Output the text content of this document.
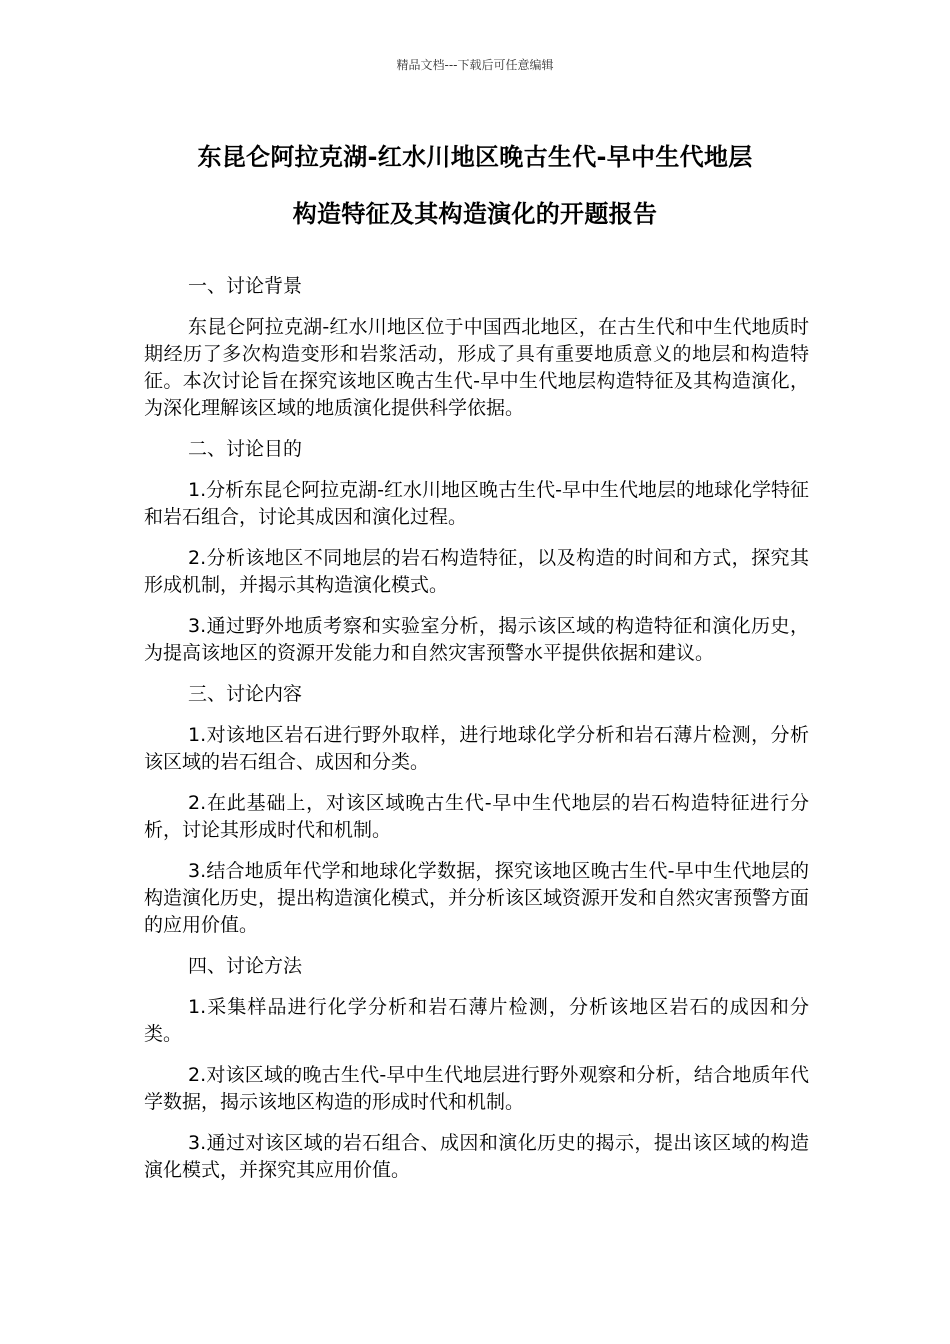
精品文档---下载后可任意编辑
东昆仑阿拉克湖-红水川地区晚古生代-早中生代地层
构造特征及其构造演化的开题报告

一、讨论背景

东昆仑阿拉克湖-红水川地区位于中国西北地区，在古生代和中生代地质时期经历了多次构造变形和岩浆活动，形成了具有重要地质意义的地层和构造特征。本次讨论旨在探究该地区晚古生代-早中生代地层构造特征及其构造演化，为深化理解该区域的地质演化提供科学依据。

二、讨论目的

1.分析东昆仑阿拉克湖-红水川地区晚古生代-早中生代地层的地球化学特征和岩石组合，讨论其成因和演化过程。

2.分析该地区不同地层的岩石构造特征，以及构造的时间和方式，探究其形成机制，并揭示其构造演化模式。

3.通过野外地质考察和实验室分析，揭示该区域的构造特征和演化历史，为提高该地区的资源开发能力和自然灾害预警水平提供依据和建议。

三、讨论内容

1.对该地区岩石进行野外取样，进行地球化学分析和岩石薄片检测，分析该区域的岩石组合、成因和分类。

2.在此基础上，对该区域晚古生代-早中生代地层的岩石构造特征进行分析，讨论其形成时代和机制。

3.结合地质年代学和地球化学数据，探究该地区晚古生代-早中生代地层的构造演化历史，提出构造演化模式，并分析该区域资源开发和自然灾害预警方面的应用价值。

四、讨论方法

1.采集样品进行化学分析和岩石薄片检测，分析该地区岩石的成因和分类。

2.对该区域的晚古生代-早中生代地层进行野外观察和分析，结合地质年代学数据，揭示该地区构造的形成时代和机制。

3.通过对该区域的岩石组合、成因和演化历史的揭示，提出该区域的构造演化模式，并探究其应用价值。
